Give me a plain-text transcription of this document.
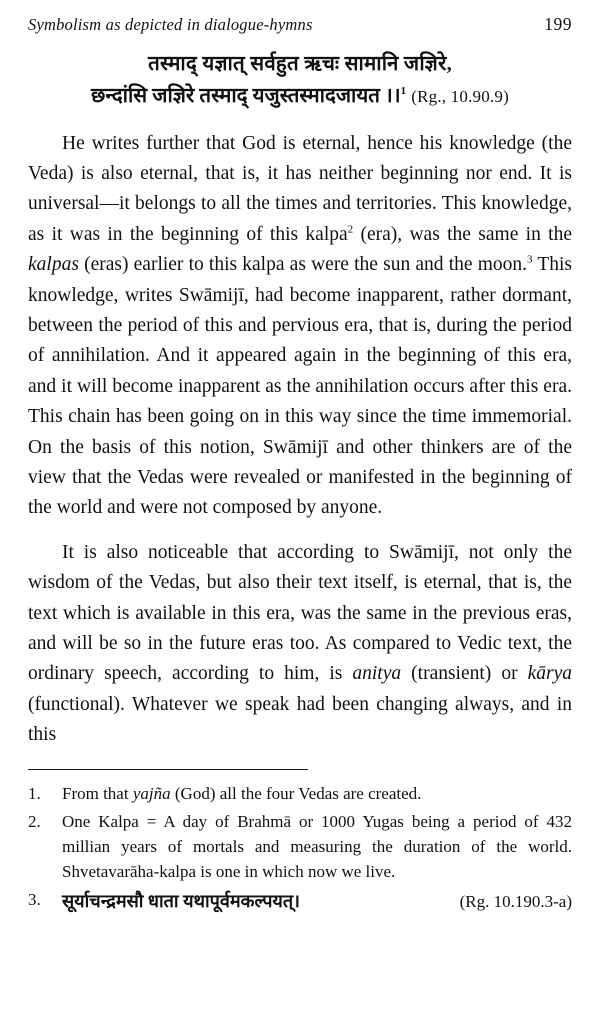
Symbolism as depicted in dialogue-hymns	199
तस्माद् यज्ञात् सर्वहुत ऋचः सामानि जज्ञिरे,
छन्दांसि जज्ञिरे तस्माद् यजुस्तस्मादजायत ।।$^1$ (Rg., 10.90.9)

He writes further that God is eternal, hence his knowledge (the Veda) is also eternal, that is, it has neither beginning nor end. It is universal—it belongs to all the times and territories. This knowledge, as it was in the beginning of this kalpa$^2$ (era), was the same in the kalpas (eras) earlier to this kalpa as were the sun and the moon.$^3$ This knowledge, writes Swāmijī, had become inapparent, rather dormant, between the period of this and pervious era, that is, during the period of annihilation. And it appeared again in the beginning of this era, and it will become inapparent as the annihilation occurs after this era. This chain has been going on in this way since the time immemorial. On the basis of this notion, Swāmijī and other thinkers are of the view that the Vedas were revealed or manifested in the beginning of the world and were not composed by anyone.

It is also noticeable that according to Swāmijī, not only the wisdom of the Vedas, but also their text itself, is eternal, that is, the text which is available in this era, was the same in the previous eras, and will be so in the future eras too. As compared to Vedic text, the ordinary speech, according to him, is anitya (transient) or kārya (functional). Whatever we speak had been changing always, and in this

1.	From that yajña (God) all the four Vedas are created.
2.	One Kalpa = A day of Brahmā or 1000 Yugas being a period of 432 millian years of mortals and measuring the duration of the world. Shvetavarāha-kalpa is one in which now we live.
3.	सूर्याचन्द्रमसौ धाता यथापूर्वमकल्पयत्।	(Rg. 10.190.3-a)
